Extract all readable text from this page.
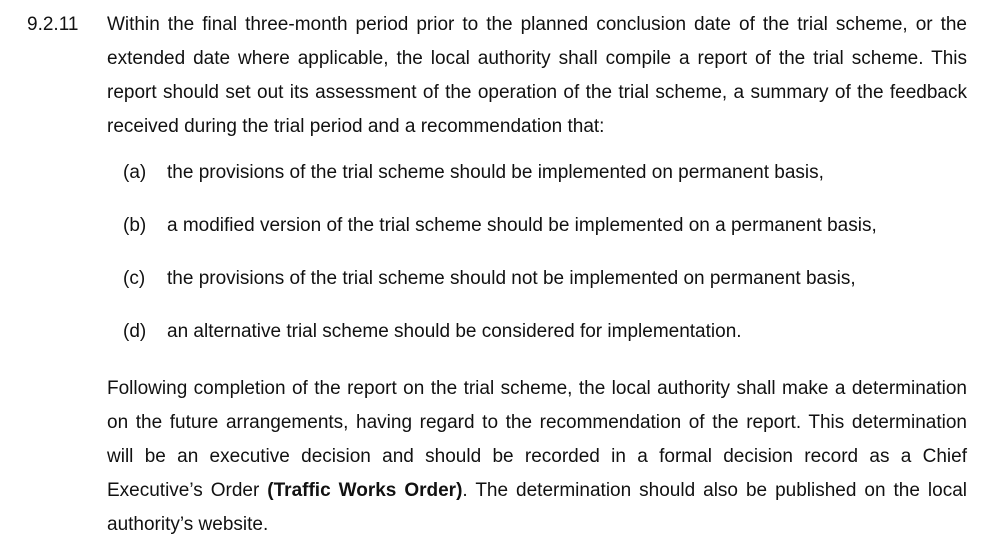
9.2.11 Within the final three-month period prior to the planned conclusion date of the trial scheme, or the extended date where applicable, the local authority shall compile a report of the trial scheme. This report should set out its assessment of the operation of the trial scheme, a summary of the feedback received during the trial period and a recommendation that:

(a)	the provisions of the trial scheme should be implemented on permanent basis,
(b)	a modified version of the trial scheme should be implemented on a permanent basis,
(c)	the provisions of the trial scheme should not be implemented on permanent basis,
(d)	an alternative trial scheme should be considered for implementation.

Following completion of the report on the trial scheme, the local authority shall make a determination on the future arrangements, having regard to the recommendation of the report. This determination will be an executive decision and should be recorded in a formal decision record as a Chief Executive’s Order (Traffic Works Order). The determination should also be published on the local authority’s website.
